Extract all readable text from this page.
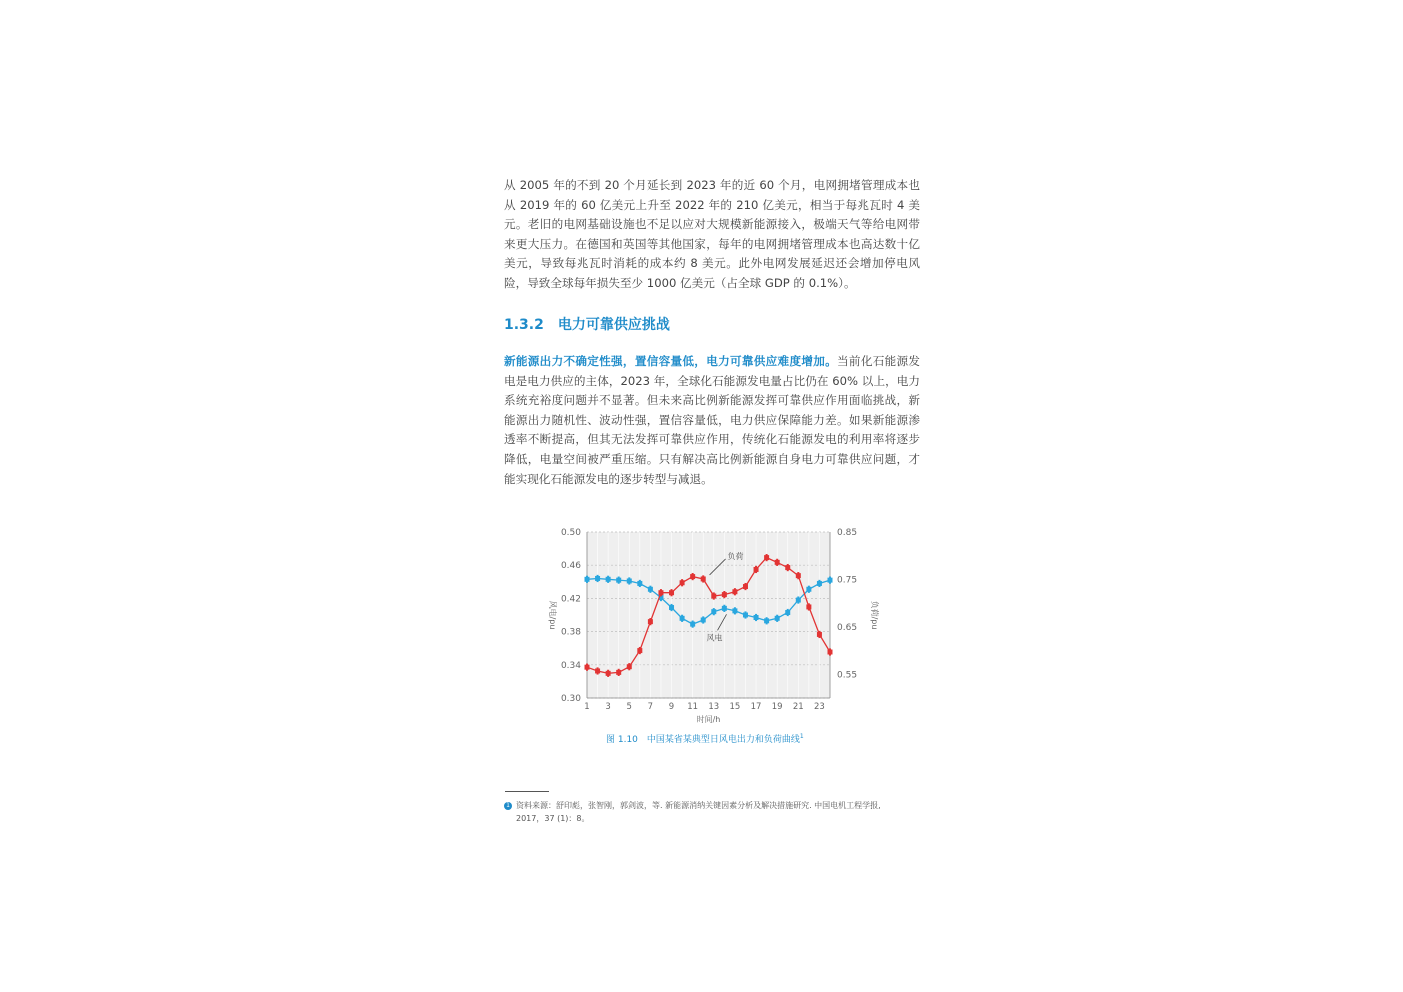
从 2005 年的不到 20 个月延长到 2023 年的近 60 个月，电网拥堵管理成本也从 2019 年的 60 亿美元上升至 2022 年的 210 亿美元，相当于每兆瓦时 4 美元。老旧的电网基础设施也不足以应对大规模新能源接入，极端天气等给电网带来更大压力。在德国和英国等其他国家，每年的电网拥堵管理成本也高达数十亿美元，导致每兆瓦时消耗的成本约 8 美元。此外电网发展延迟还会增加停电风险，导致全球每年损失至少 1000 亿美元（占全球 GDP 的 0.1%）。

1.3.2 电力可靠供应挑战

新能源出力不确定性强，置信容量低，电力可靠供应难度增加。当前化石能源发电是电力供应的主体，2023 年，全球化石能源发电量占比仍在 60% 以上，电力系统充裕度问题并不显著。但未来高比例新能源发挥可靠供应作用面临挑战，新能源出力随机性、波动性强，置信容量低，电力供应保障能力差。如果新能源渗透率不断提高，但其无法发挥可靠供应作用，传统化石能源发电的利用率将逐步降低，电量空间被严重压缩。只有解决高比例新能源自身电力可靠供应问题，才能实现化石能源发电的逐步转型与减退。

0.30
0.34
0.38
0.42
0.46
0.50
0.55
0.65
0.75
0.85
1 3 5 7 9 11 13 15 17 19 21 23
时间/h
风电/pu	负荷/pu
负荷
风电
图 1.10　中国某省某典型日风电出力和负荷曲线$^1$
1 资料来源：舒印彪，张智刚，郭剑波，等. 新能源消纳关键因素分析及解决措施研究. 中国电机工程学报,
2017，37 (1)：8。
